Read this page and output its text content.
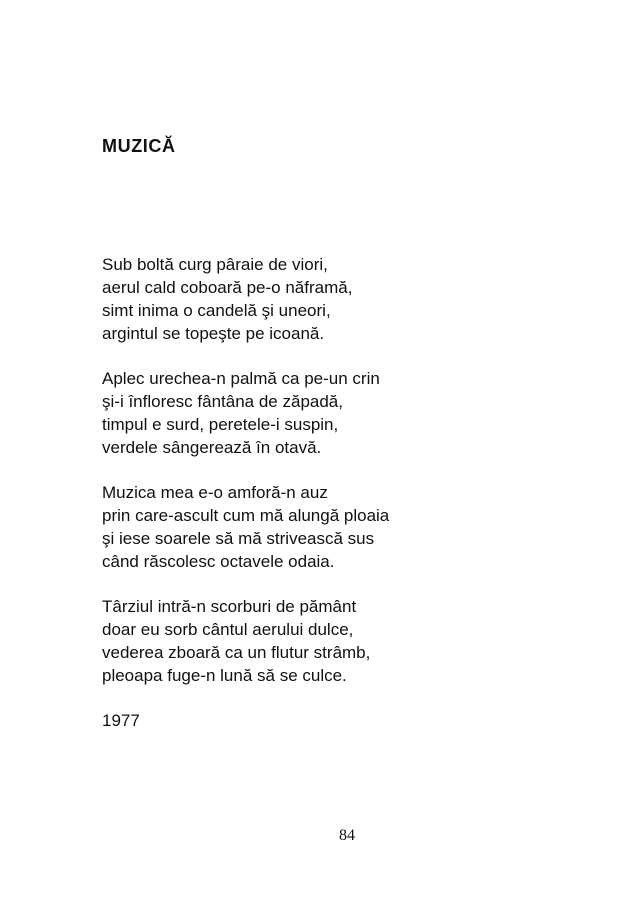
MUZICĂ

Sub boltă curg pâraie de viori,
aerul cald coboară pe-o năframă,
simt inima o candelă şi uneori,
argintul se topeşte pe icoană.

Aplec urechea-n palmă ca pe-un crin
şi-i înfloresc fântâna de zăpadă,
timpul e surd, peretele-i suspin,
verdele sângerează în otavă.

Muzica mea e-o amforă-n auz
prin care-ascult cum mă alungă ploaia
şi iese soarele să mă strivească sus
când răscolesc octavele odaia.

Târziul intră-n scorburi de pământ
doar eu sorb cântul aerului dulce,
vederea zboară ca un flutur strâmb,
pleoapa fuge-n lună să se culce.

1977
84
